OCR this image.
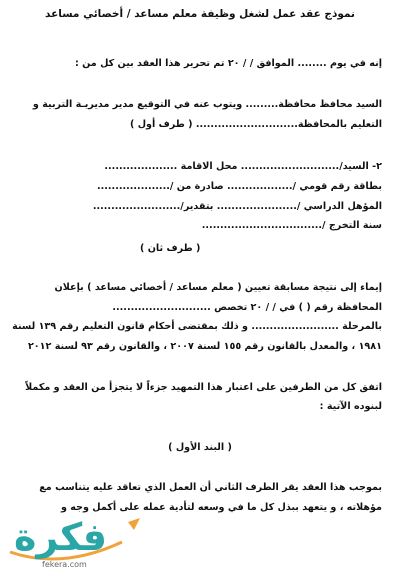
نموذج عقد عمل لشغل وظيفة معلم مساعد / أخصائي مساعد
إنه في يوم ........ الموافق / / ٢٠ تم تحرير هذا العقد بين كل من :
السيد محافظ محافظة......... ويتوب عنه في التوقيع مدير مديريـة التربية و
التعليم بالمحافظة............................ ( طرف أول )
٢- السيد/........................... محل الاقامة ....................
بطاقة رقم قومي /.................. صادرة من /....................
المؤهل الدراسي /...................... بتقدير/........................
سنة التخرج /.................................
( طرف ثان )
إيماء إلى نتيجة مسابقة تعيين ( معلم مساعد / أخصائي مساعد ) بإعلان
المحافظة رقم ( ) في / / ٢٠ تخصص ...........................
بالمرحلة ........................ و ذلك بمقتضى أحكام قانون التعليم رقم ١٣٩ لسنة
١٩٨١ ، والمعدل بالقانون رقم ١٥٥ لسنة ٢٠٠٧ ، والقانون رقم ٩٣ لسنة ٢٠١٢
اتفق كل من الطرفين على اعتبار هذا التمهيد جزءاً لا يتجزأ من العقد و مكملاً
لبنوده الآتية :
( البند الأول )
بموجب هذا العقد يقر الطرف الثاني أن العمل الذي تعاقد عليه يتناسب مع
مؤهلاته ، و يتعهد ببذل كل ما في وسعه لتأدية عمله على أكمل وجه و
فكرة
fekera.com
